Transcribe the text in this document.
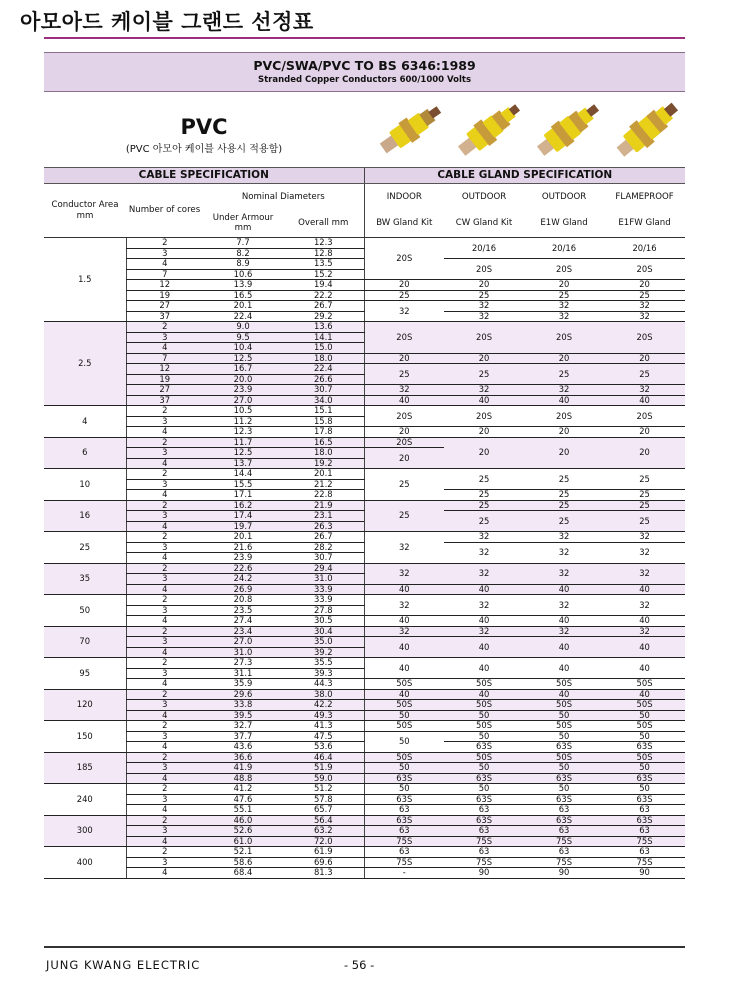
아모아드 케이블 그랜드 선정표
PVC/SWA/PVC TO BS 6346:1989
Stranded Copper Conductors 600/1000 Volts
PVC
(PVC 아모아 케이블 사용시 적용함)
CABLE SPECIFICATION				CABLE GLAND SPECIFICATION			
Conductor Area mm	Number of cores	Nominal Diameters		INDOOR	OUTDOOR	OUTDOOR	FLAMEPROOF
		Under Armour mm	Overall mm	BW Gland Kit	CW Gland Kit	E1W Gland	E1FW Gland
1.5	2	7.7	12.3	20S	20/16	20/16	20/16
	3	8.2	12.8				
	4	8.9	13.5		20S	20S	20S
	7	10.6	15.2				
	12	13.9	19.4	20	20	20	20
	19	16.5	22.2	25	25	25	25
	27	20.1	26.7	32	32	32	32
	37	22.4	29.2		32	32	32
2.5	2	9.0	13.6	20S	20S	20S	20S
	3	9.5	14.1				
	4	10.4	15.0				
	7	12.5	18.0	20	20	20	20
	12	16.7	22.4	25	25	25	25
	19	20.0	26.6				
	27	23.9	30.7	32	32	32	32
	37	27.0	34.0	40	40	40	40
4	2	10.5	15.1	20S	20S	20S	20S
	3	11.2	15.8				
	4	12.3	17.8	20	20	20	20
6	2	11.7	16.5	20S	20	20	20
	3	12.5	18.0	20			
	4	13.7	19.2				
10	2	14.4	20.1	25	25	25	25
	3	15.5	21.2				
	4	17.1	22.8		25	25	25
16	2	16.2	21.9	25	25	25	25
	3	17.4	23.1		25	25	25
	4	19.7	26.3				
25	2	20.1	26.7	32	32	32	32
	3	21.6	28.2		32	32	32
	4	23.9	30.7				
35	2	22.6	29.4	32	32	32	32
	3	24.2	31.0				
	4	26.9	33.9	40	40	40	40
50	2	20.8	33.9	32	32	32	32
	3	23.5	27.8				
	4	27.4	30.5	40	40	40	40
70	2	23.4	30.4	32	32	32	32
	3	27.0	35.0	40	40	40	40
	4	31.0	39.2				
95	2	27.3	35.5	40	40	40	40
	3	31.1	39.3				
	4	35.9	44.3	50S	50S	50S	50S
120	2	29.6	38.0	40	40	40	40
	3	33.8	42.2	50S	50S	50S	50S
	4	39.5	49.3	50	50	50	50
150	2	32.7	41.3	50S	50S	50S	50S
	3	37.7	47.5	50	50	50	50
	4	43.6	53.6		63S	63S	63S
185	2	36.6	46.4	50S	50S	50S	50S
	3	41.9	51.9	50	50	50	50
	4	48.8	59.0	63S	63S	63S	63S
240	2	41.2	51.2	50	50	50	50
	3	47.6	57.8	63S	63S	63S	63S
	4	55.1	65.7	63	63	63	63
300	2	46.0	56.4	63S	63S	63S	63S
	3	52.6	63.2	63	63	63	63
	4	61.0	72.0	75S	75S	75S	75S
400	2	52.1	61.9	63	63	63	63
	3	58.6	69.6	75S	75S	75S	75S
	4	68.4	81.3	-	90	90	90
JUNG KWANG ELECTRIC	- 56 -
